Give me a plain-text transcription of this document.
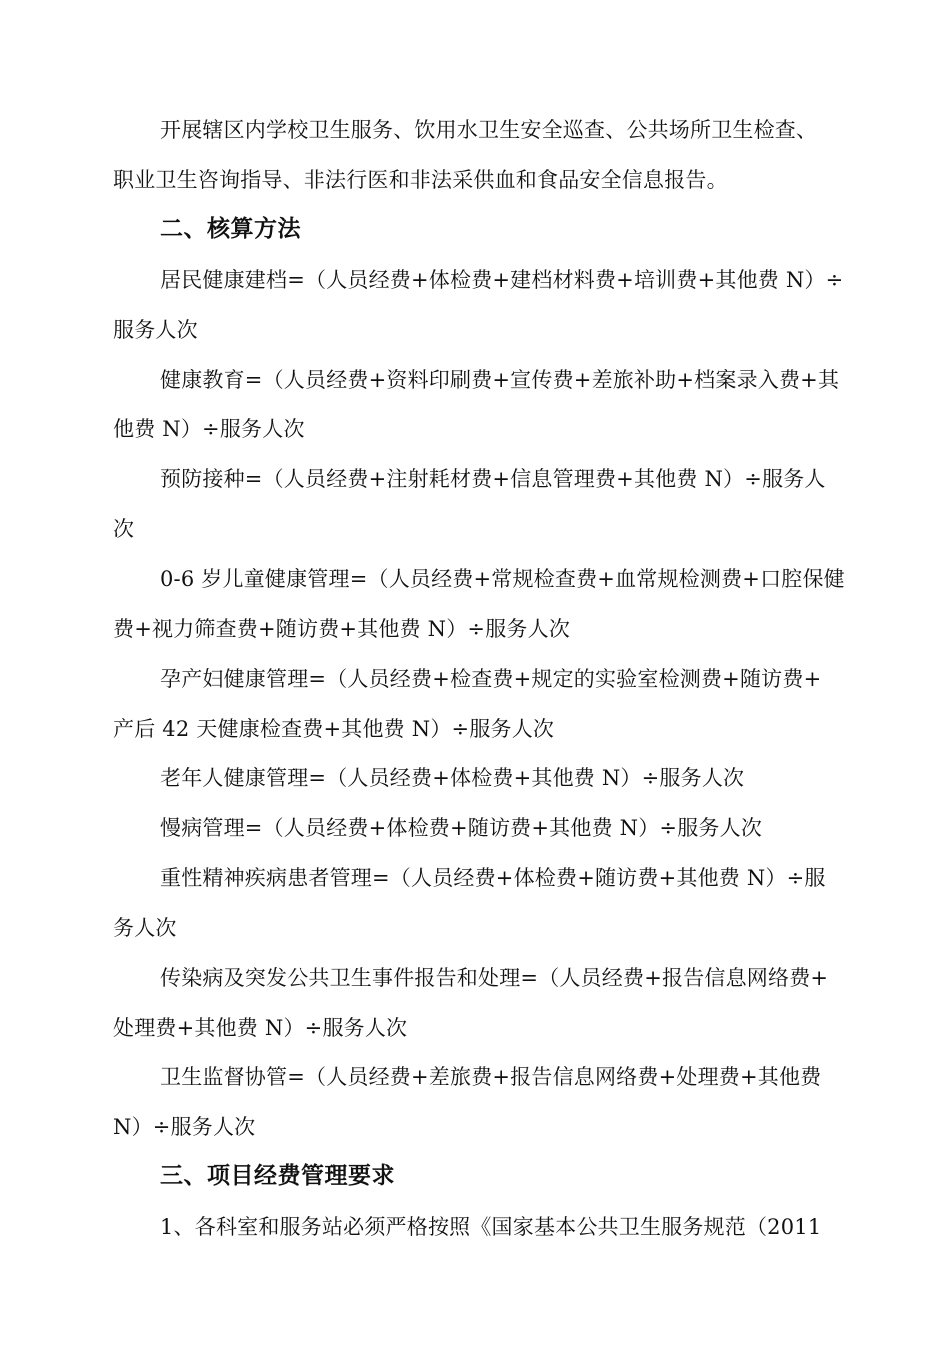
开展辖区内学校卫生服务、饮用水卫生安全巡查、公共场所卫生检查、
职业卫生咨询指导、非法行医和非法采供血和食品安全信息报告。
二、核算方法
居民健康建档=（人员经费+体检费+建档材料费+培训费+其他费 N）÷
服务人次
健康教育=（人员经费+资料印刷费+宣传费+差旅补助+档案录入费+其
他费 N）÷服务人次
预防接种=（人员经费+注射耗材费+信息管理费+其他费 N）÷服务人
次
0-6 岁儿童健康管理=（人员经费+常规检查费+血常规检测费+口腔保健
费+视力筛查费+随访费+其他费 N）÷服务人次
孕产妇健康管理=（人员经费+检查费+规定的实验室检测费+随访费+
产后 42 天健康检查费+其他费 N）÷服务人次
老年人健康管理=（人员经费+体检费+其他费 N）÷服务人次
慢病管理=（人员经费+体检费+随访费+其他费 N）÷服务人次
重性精神疾病患者管理=（人员经费+体检费+随访费+其他费 N）÷服
务人次
传染病及突发公共卫生事件报告和处理=（人员经费+报告信息网络费+
处理费+其他费 N）÷服务人次
卫生监督协管=（人员经费+差旅费+报告信息网络费+处理费+其他费
N）÷服务人次
三、项目经费管理要求
1、各科室和服务站必须严格按照《国家基本公共卫生服务规范（2011
